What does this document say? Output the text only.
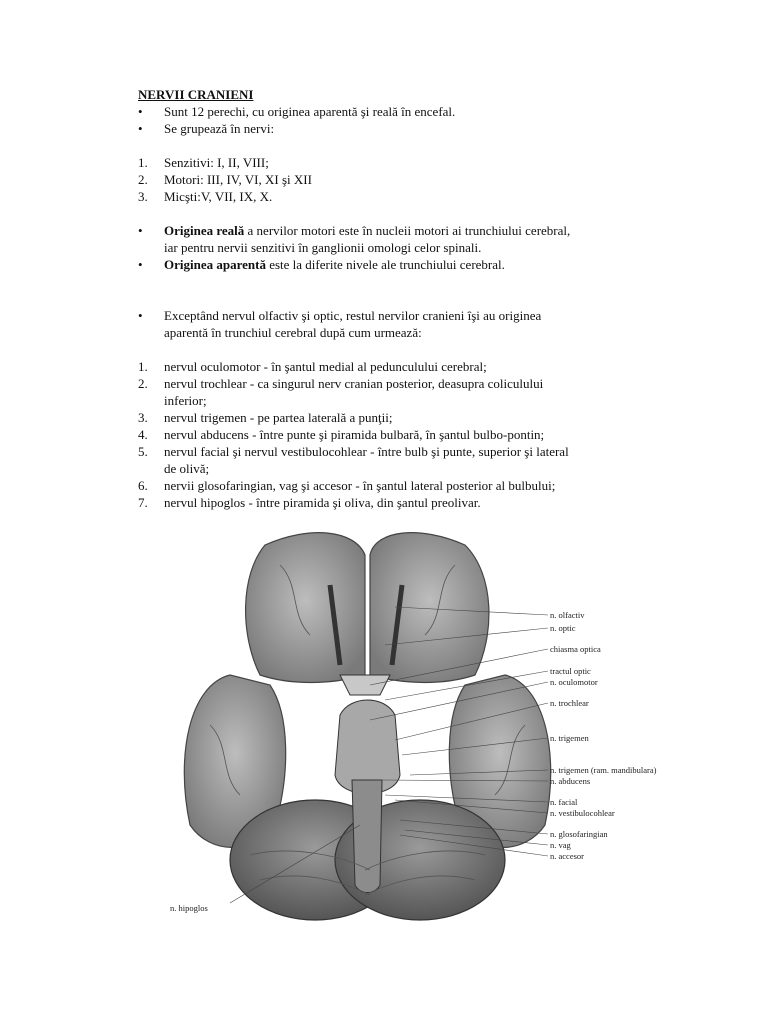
NERVII CRANIENI
•	Sunt 12 perechi, cu originea aparentă şi reală în encefal.
•	Se grupează în nervi:
1.	Senzitivi: I, II, VIII;
2.	Motori: III, IV, VI, XI şi XII
3.	Micşti:V, VII, IX, X.
•	Originea reală a nervilor motori este în nucleii motori ai trunchiului cerebral,
iar pentru nervii senzitivi în ganglionii omologi celor spinali.
•	Originea aparentă este la diferite nivele ale trunchiului cerebral.
•	Exceptând nervul olfactiv şi optic, restul nervilor cranieni îşi au originea
aparentă în trunchiul cerebral după cum urmează:
1.	nervul oculomotor - în şantul medial al pedunculului cerebral;
2.	nervul trochlear - ca singurul nerv cranian posterior, deasupra coliculului
inferior;
3.	nervul trigemen - pe partea laterală a punţii;
4.	nervul abducens - între punte şi piramida bulbară, în şantul bulbo-pontin;
5.	nervul facial şi nervul vestibulocohlear - între bulb şi punte, superior şi lateral
de olivă;
6.	nervii glosofaringian, vag şi accesor - în şantul lateral posterior al bulbului;
7.	nervul hipoglos - între piramida şi oliva, din şantul preolivar.
n. olfactiv
n. optic
chiasma optica
tractul optic
n. oculomotor
n. trochlear
n. trigemen
n. trigemen (ram. mandibulara)
n. abducens
n. facial
n. vestibulocohlear
n. glosofaringian
n. vag
n. accesor
n. hipoglos
